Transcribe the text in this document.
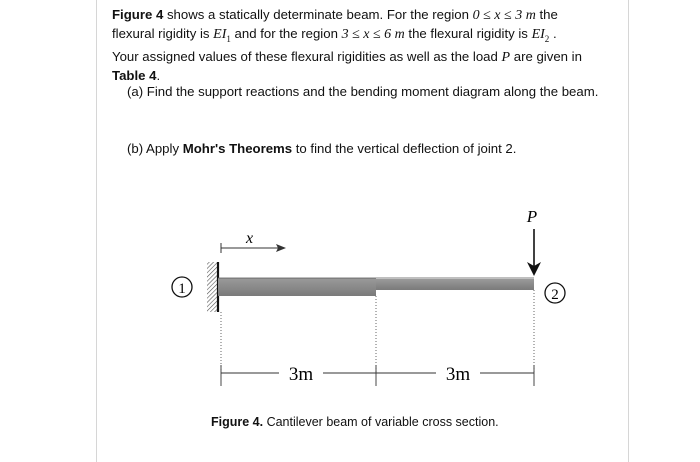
Figure 4 shows a statically determinate beam. For the region 0 ≤ x ≤ 3 m the
flexural rigidity is $EI_1$ and for the region 3 ≤ x ≤ 6 m the flexural rigidity is $EI_2$ .
Your assigned values of these flexural rigidities as well as the load P are given in
Table 4.
(a) Find the support reactions and the bending moment diagram along the beam.
(b) Apply Mohr's Theorems to find the vertical deflection of joint 2.
1
x
P
2
3m	3m
Figure 4. Cantilever beam of variable cross section.
